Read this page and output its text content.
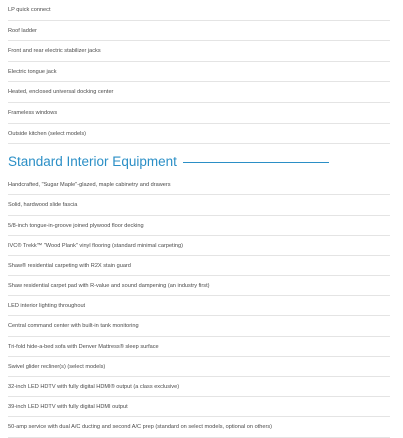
LP quick connect
Roof ladder
Front and rear electric stabilizer jacks
Electric tongue jack
Heated, enclosed universal docking center
Frameless windows
Outside kitchen (select models)
Standard Interior Equipment
Handcrafted, "Sugar Maple"-glazed, maple cabinetry and drawers
Solid, hardwood slide fascia
5/8-inch tongue-in-groove joined plywood floor decking
IVC® Trekk™ "Wood Plank" vinyl flooring (standard minimal carpeting)
Shaw® residential carpeting with R2X stain guard
Shaw residential carpet pad with R-value and sound dampening (an industry first)
LED interior lighting throughout
Central command center with built-in tank monitoring
Tri-fold hide-a-bed sofa with Denver Mattress® sleep surface
Swivel glider recliner(s) (select models)
32-inch LED HDTV with fully digital HDMI® output (a class exclusive)
39-inch LED HDTV with fully digital HDMI output
50-amp service with dual A/C ducting and second A/C prep (standard on select models, optional on others)
